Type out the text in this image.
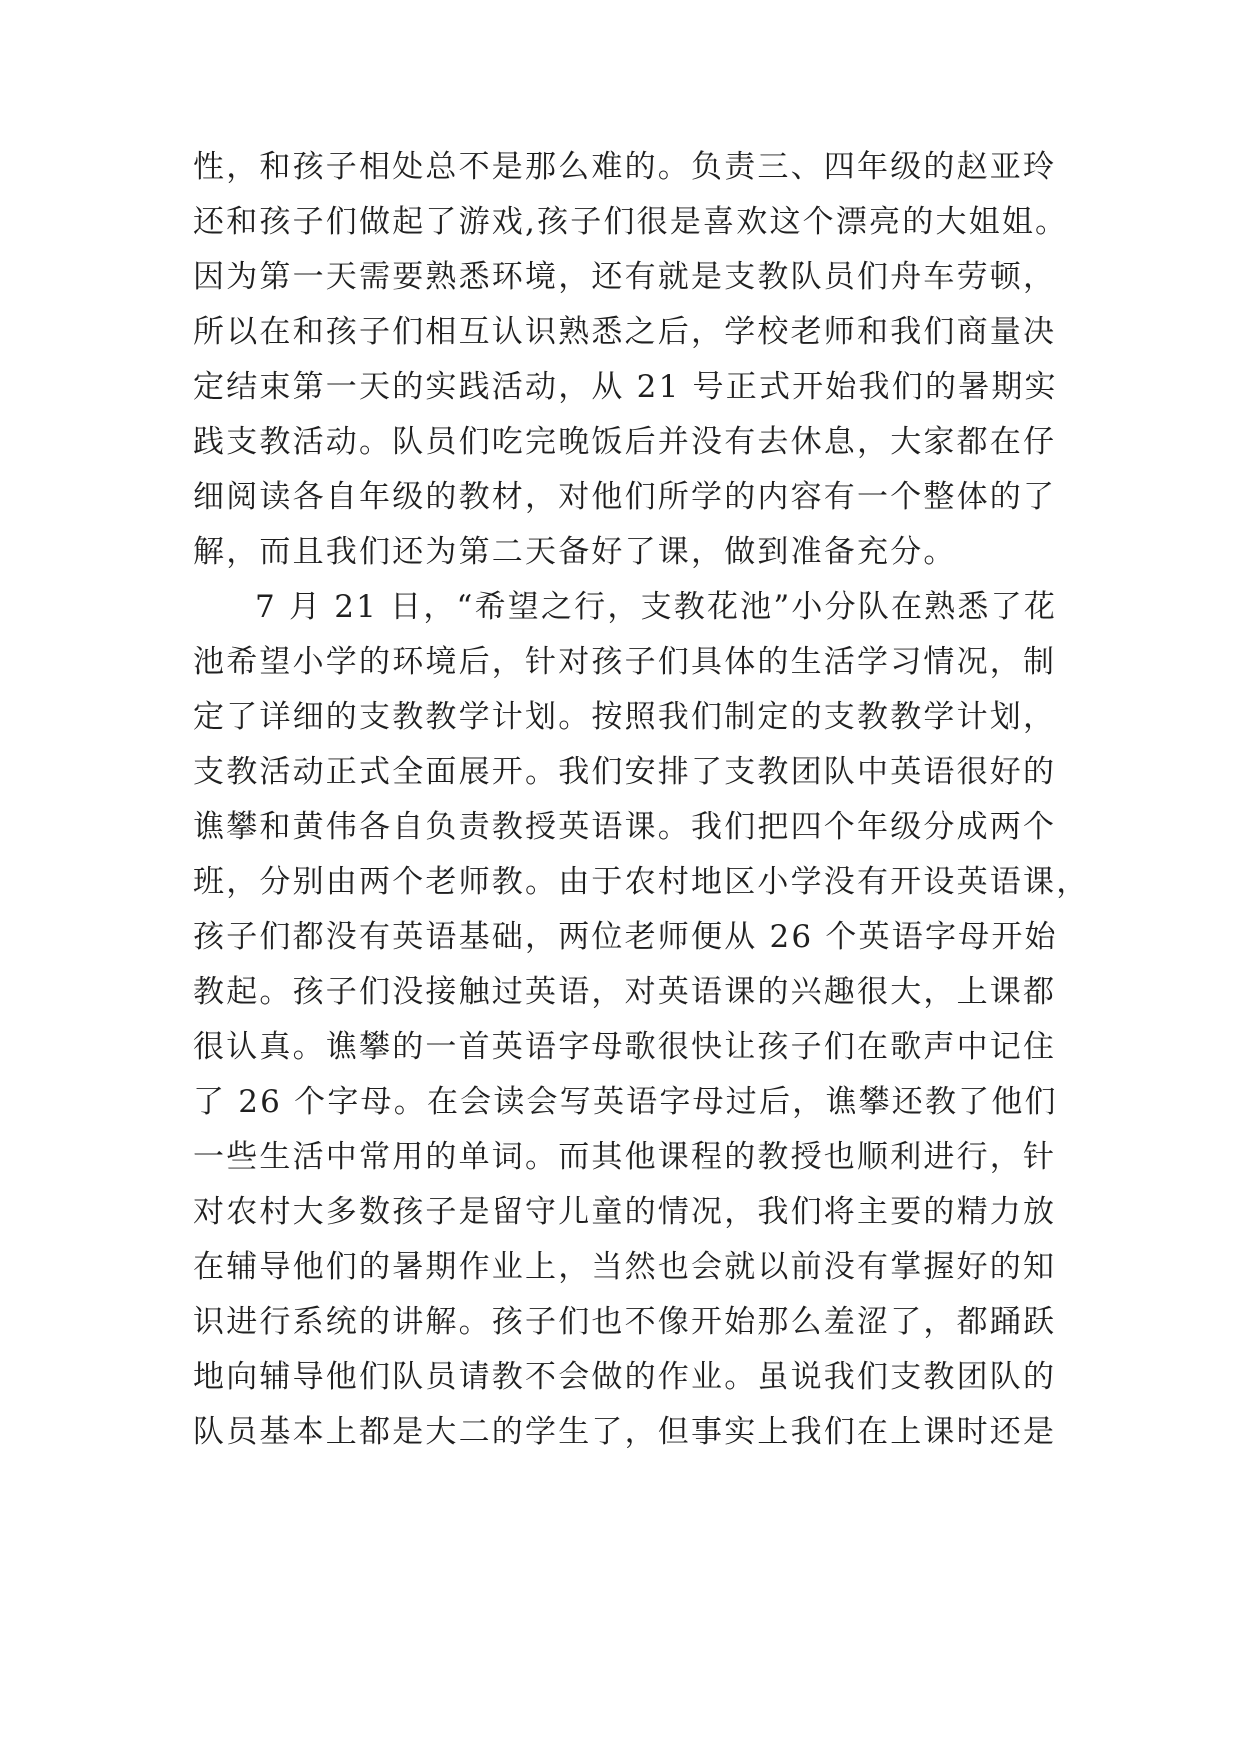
性，和孩子相处总不是那么难的。负责三、四年级的赵亚玲
还和孩子们做起了游戏,孩子们很是喜欢这个漂亮的大姐姐。
因为第一天需要熟悉环境，还有就是支教队员们舟车劳顿，
所以在和孩子们相互认识熟悉之后，学校老师和我们商量决
定结束第一天的实践活动，从 21 号正式开始我们的暑期实
践支教活动。队员们吃完晚饭后并没有去休息，大家都在仔
细阅读各自年级的教材，对他们所学的内容有一个整体的了
解，而且我们还为第二天备好了课，做到准备充分。
7 月 21 日，“希望之行，支教花池”小分队在熟悉了花
池希望小学的环境后，针对孩子们具体的生活学习情况，制
定了详细的支教教学计划。按照我们制定的支教教学计划，
支教活动正式全面展开。我们安排了支教团队中英语很好的
谯攀和黄伟各自负责教授英语课。我们把四个年级分成两个
班，分别由两个老师教。由于农村地区小学没有开设英语课，
孩子们都没有英语基础，两位老师便从 26 个英语字母开始
教起。孩子们没接触过英语，对英语课的兴趣很大，上课都
很认真。谯攀的一首英语字母歌很快让孩子们在歌声中记住
了 26 个字母。在会读会写英语字母过后，谯攀还教了他们
一些生活中常用的单词。而其他课程的教授也顺利进行，针
对农村大多数孩子是留守儿童的情况，我们将主要的精力放
在辅导他们的暑期作业上，当然也会就以前没有掌握好的知
识进行系统的讲解。孩子们也不像开始那么羞涩了，都踊跃
地向辅导他们队员请教不会做的作业。虽说我们支教团队的
队员基本上都是大二的学生了，但事实上我们在上课时还是
